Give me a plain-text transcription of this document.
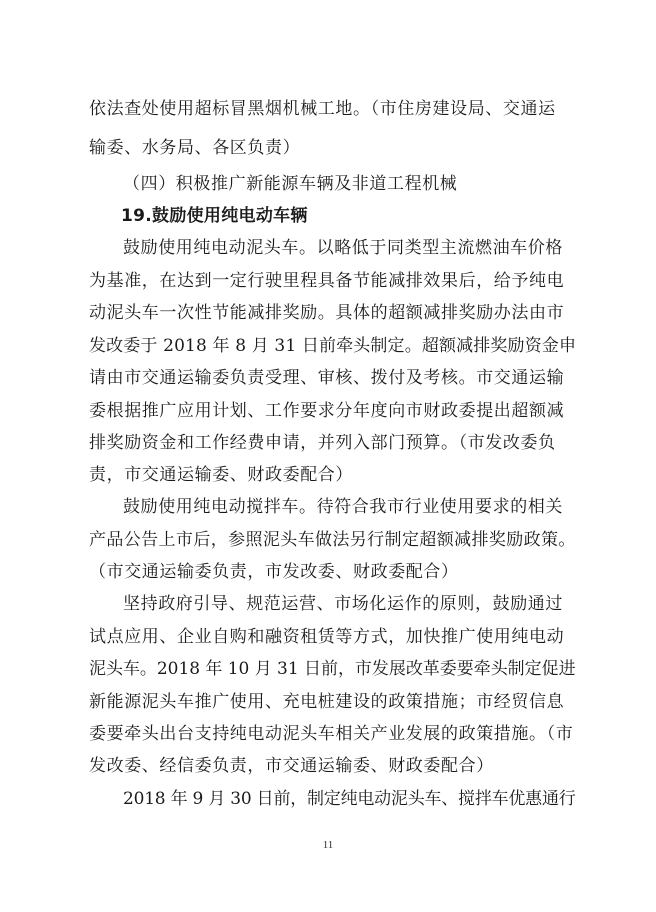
依法查处使用超标冒黑烟机械工地。（市住房建设局、交通运
输委、水务局、各区负责）
（四）积极推广新能源车辆及非道工程机械
19.鼓励使用纯电动车辆
鼓励使用纯电动泥头车。以略低于同类型主流燃油车价格
为基准，在达到一定行驶里程具备节能减排效果后，给予纯电
动泥头车一次性节能减排奖励。具体的超额减排奖励办法由市
发改委于 2018 年 8 月 31 日前牵头制定。超额减排奖励资金申
请由市交通运输委负责受理、审核、拨付及考核。市交通运输
委根据推广应用计划、工作要求分年度向市财政委提出超额减
排奖励资金和工作经费申请，并列入部门预算。（市发改委负
责，市交通运输委、财政委配合）
鼓励使用纯电动搅拌车。待符合我市行业使用要求的相关
产品公告上市后，参照泥头车做法另行制定超额减排奖励政策。
（市交通运输委负责，市发改委、财政委配合）
坚持政府引导、规范运营、市场化运作的原则，鼓励通过
试点应用、企业自购和融资租赁等方式，加快推广使用纯电动
泥头车。2018 年 10 月 31 日前，市发展改革委要牵头制定促进
新能源泥头车推广使用、充电桩建设的政策措施；市经贸信息
委要牵头出台支持纯电动泥头车相关产业发展的政策措施。（市
发改委、经信委负责，市交通运输委、财政委配合）
2018 年 9 月 30 日前，制定纯电动泥头车、搅拌车优惠通行
11
